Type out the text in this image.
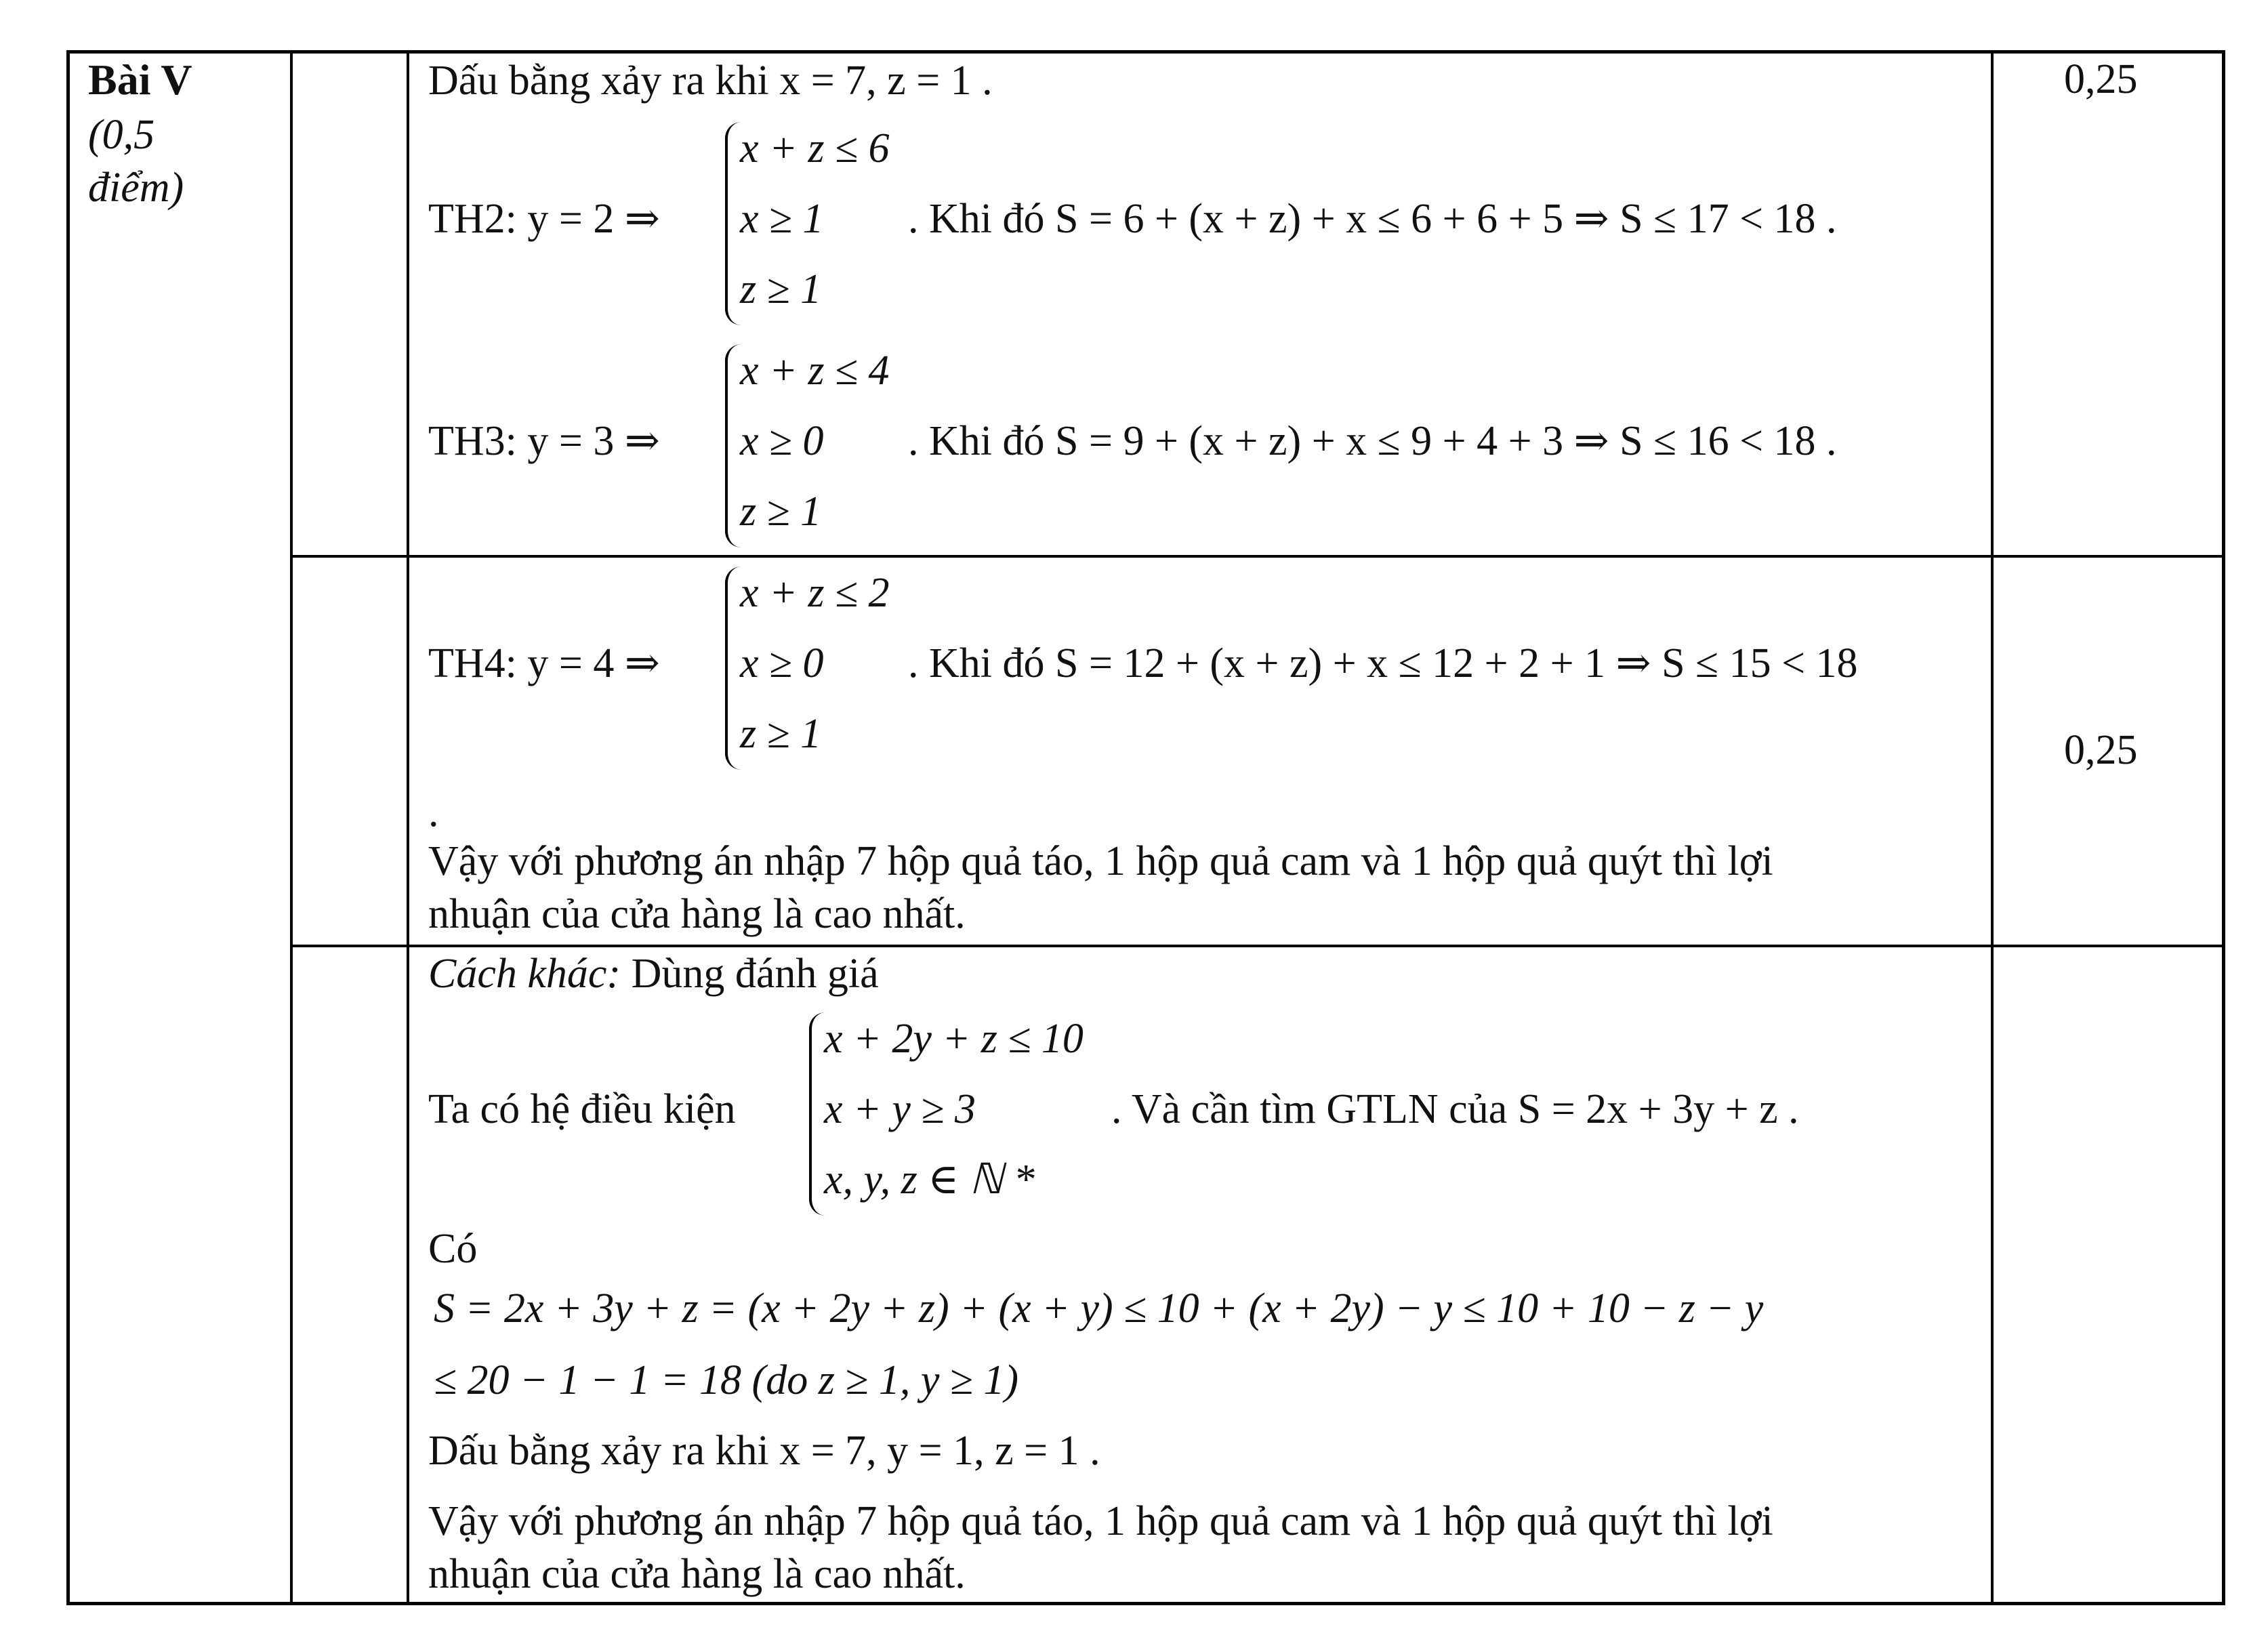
Bài V
(0,5
điểm)
0,25
0,25
Dấu bằng xảy ra khi x = 7, z = 1 .
TH2: y = 2 ⇒
x + z ≤ 6
x ≥ 1
z ≥ 1
. Khi đó S = 6 + (x + z) + x ≤ 6 + 6 + 5 ⇒ S ≤ 17 < 18 .
TH3: y = 3 ⇒
x + z ≤ 4
x ≥ 0
z ≥ 1
. Khi đó S = 9 + (x + z) + x ≤ 9 + 4 + 3 ⇒ S ≤ 16 < 18 .
TH4: y = 4 ⇒
x + z ≤ 2
x ≥ 0
z ≥ 1
. Khi đó S = 12 + (x + z) + x ≤ 12 + 2 + 1 ⇒ S ≤ 15 < 18
.
Vậy với phương án nhập 7 hộp quả táo, 1 hộp quả cam và 1 hộp quả quýt thì lợi
nhuận của cửa hàng là cao nhất.
Cách khác: Dùng đánh giá
Ta có hệ điều kiện
x + 2y + z ≤ 10
x + y ≥ 3
x, y, z ∈ ℕ *
. Và cần tìm GTLN của S = 2x + 3y + z .
Có
S = 2x + 3y + z = (x + 2y + z) + (x + y) ≤ 10 + (x + 2y) − y ≤ 10 + 10 − z − y
≤ 20 − 1 − 1 = 18 (do z ≥ 1, y ≥ 1)
Dấu bằng xảy ra khi x = 7, y = 1, z = 1 .
Vậy với phương án nhập 7 hộp quả táo, 1 hộp quả cam và 1 hộp quả quýt thì lợi
nhuận của cửa hàng là cao nhất.
